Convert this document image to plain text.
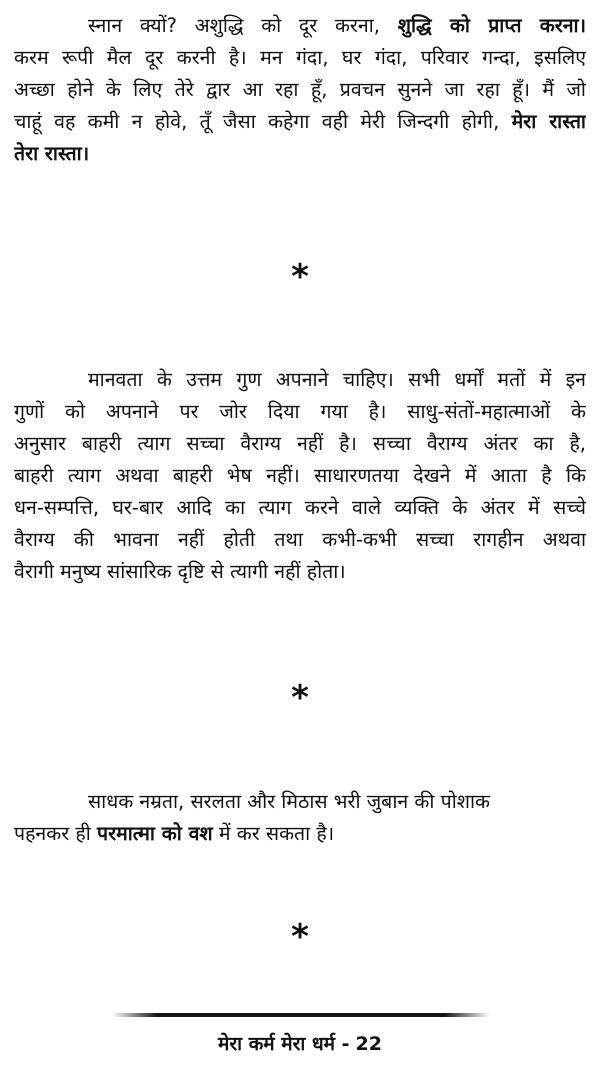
स्नान क्यों? अशुद्धि को दूर करना, शुद्धि को प्राप्त करना।
करम रूपी मैल दूर करनी है। मन गंदा, घर गंदा, परिवार गन्दा, इसलिए
अच्छा होने के लिए तेरे द्वार आ रहा हूँ, प्रवचन सुनने जा रहा हूँ। मैं जो
चाहूं वह कमी न होवे, तूँ जैसा कहेगा वही मेरी जिन्दगी होगी, मेरा रास्ता
तेरा रास्ता।

*

मानवता के उत्तम गुण अपनाने चाहिए। सभी धर्मों मतों में इन
गुणों को अपनाने पर जोर दिया गया है। साधु-संतों-महात्माओं के
अनुसार बाहरी त्याग सच्चा वैराग्य नहीं है। सच्चा वैराग्य अंतर का है,
बाहरी त्याग अथवा बाहरी भेष नहीं। साधारणतया देखने में आता है कि
धन-सम्पत्ति, घर-बार आदि का त्याग करने वाले व्यक्ति के अंतर में सच्चे
वैराग्य की भावना नहीं होती तथा कभी-कभी सच्चा रागहीन अथवा
वैरागी मनुष्य सांसारिक दृष्टि से त्यागी नहीं होता।

*

साधक नम्रता, सरलता और मिठास भरी जुबान की पोशाक
पहनकर ही परमात्मा को वश में कर सकता है।

*
मेरा कर्म मेरा धर्म - 22
